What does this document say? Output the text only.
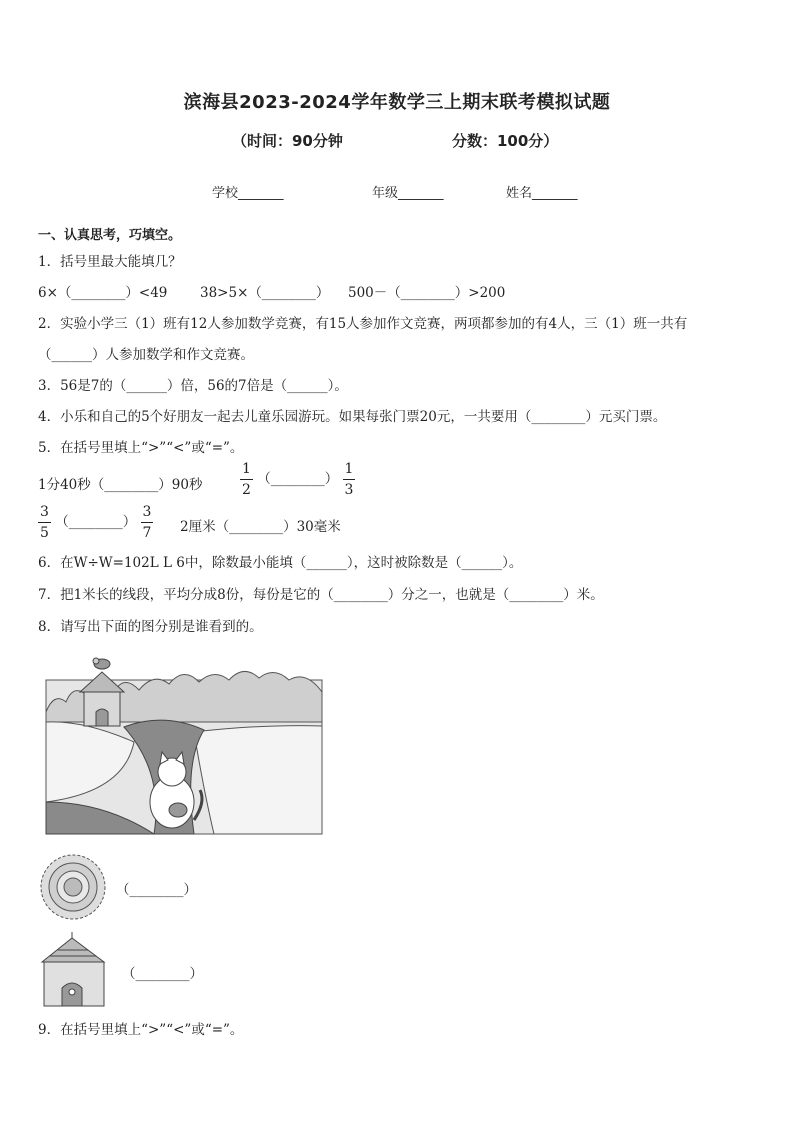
滨海县2023-2024学年数学三上期末联考模拟试题
（时间：90分钟	分数：100分）
学校_______	年级_______	姓名_______
一、认真思考，巧填空。
1．括号里最大能填几？
6×（________）<49 38>5×（________） 500－（________）>200
2．实验小学三（1）班有12人参加数学竞赛，有15人参加作文竞赛，两项都参加的有4人，三（1）班一共有
（______）人参加数学和作文竞赛。
3．56是7的（______）倍，56的7倍是（______）。
4．小乐和自己的5个好朋友一起去儿童乐园游玩。如果每张门票20元，一共要用（________）元买门票。
5．在括号里填上“>”“<”或“=”。
1分40秒（________）90秒	$\frac{1}{2}$ （________） $\frac{1}{3}$
$\frac{3}{5}$ （________） $\frac{3}{7} 2$厘米（________）30毫米
6．在W÷W=102L L 6中，除数最小能填（______），这时被除数是（______）。
7．把1米长的线段，平均分成8份，每份是它的（________）分之一，也就是（________）米。
8．请写出下面的图分别是谁看到的。
（________）
（________）
9．在括号里填上“>”“<”或“=”。
